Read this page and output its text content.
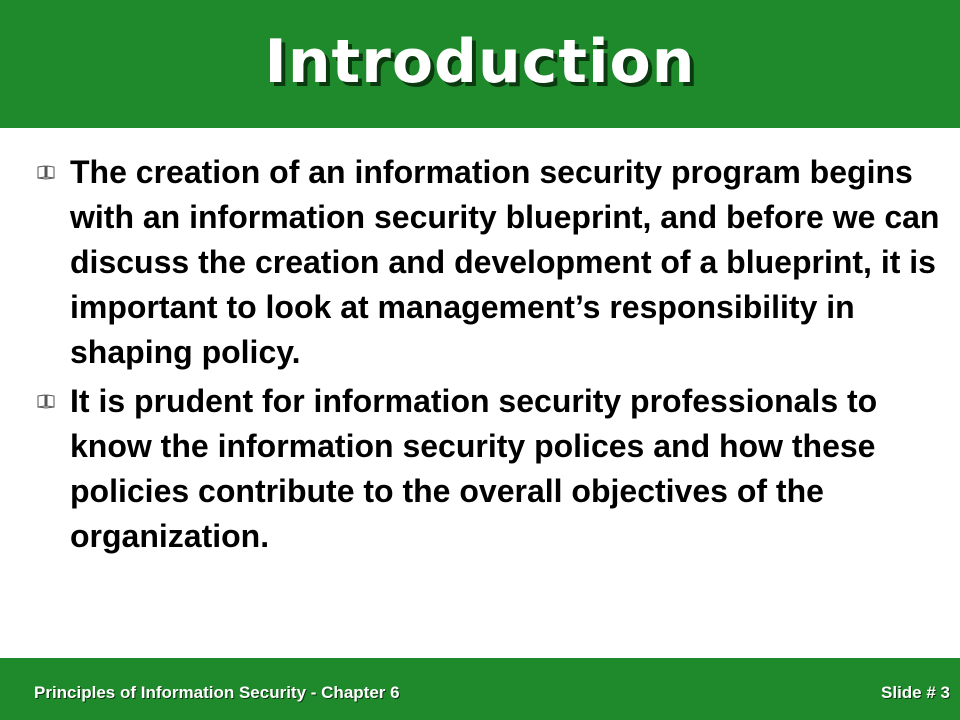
Introduction
The creation of an information security program begins with an information security blueprint, and before we can discuss the creation and development of a blueprint, it is important to look at management’s responsibility in shaping policy.
It is prudent for information security professionals to know the information security polices and how these policies contribute to the overall objectives of the organization.
Principles of Information Security - Chapter 6	Slide # 3
